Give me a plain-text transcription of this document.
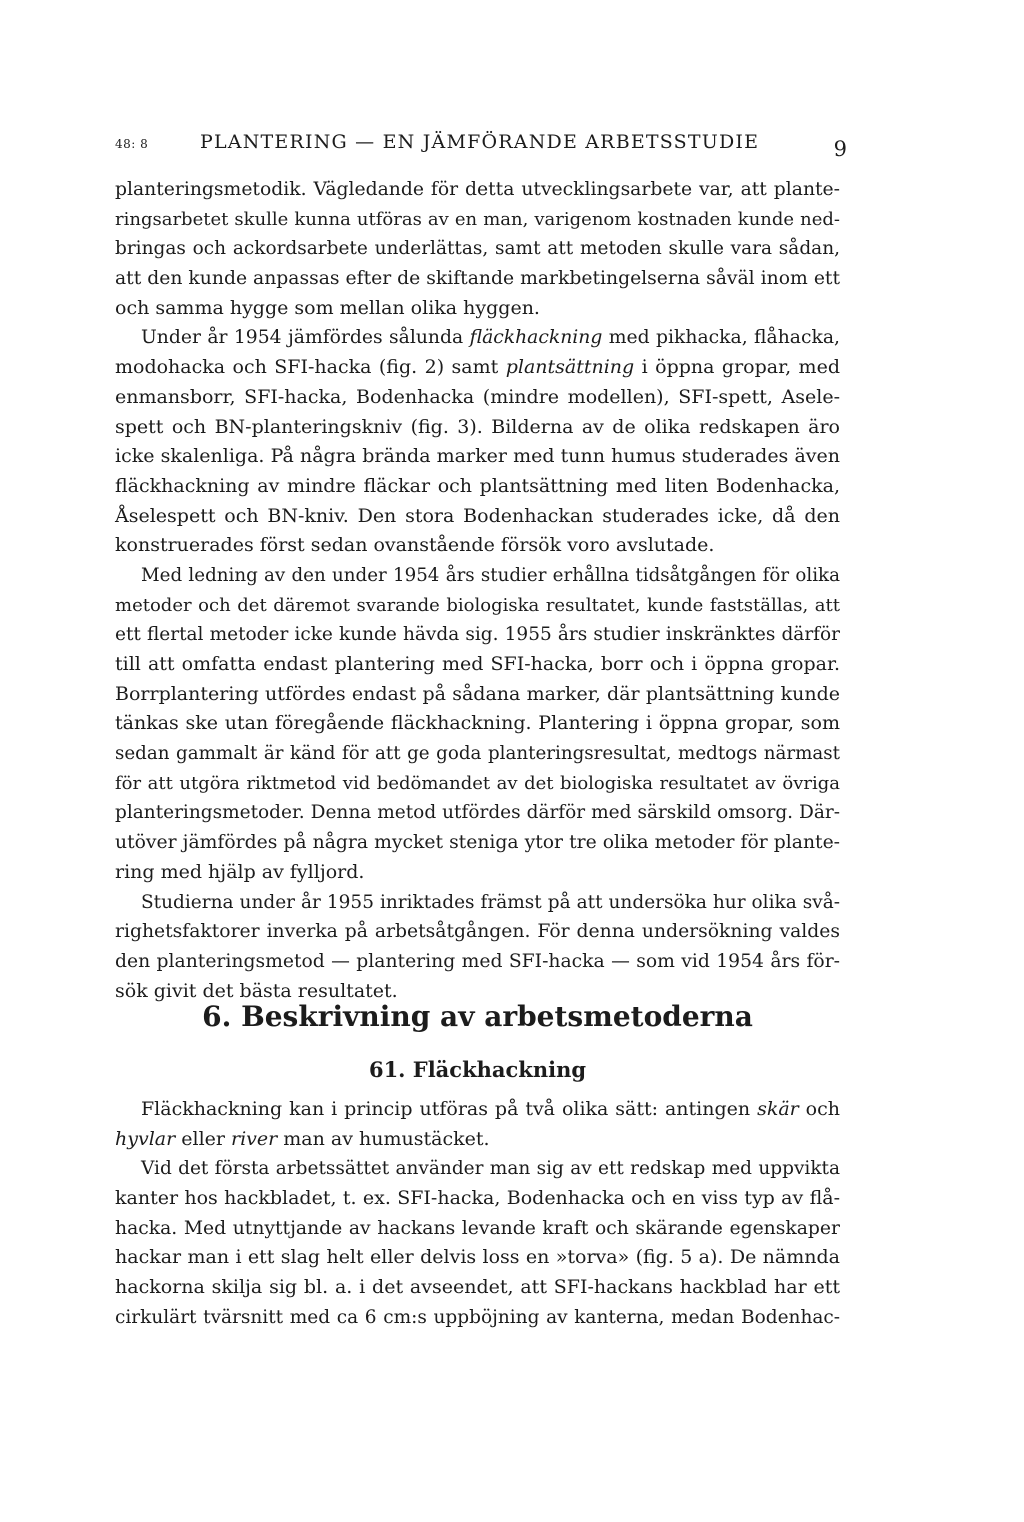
48: 8	PLANTERING — EN JÄMFÖRANDE ARBETSSTUDIE	9
planteringsmetodik. Vägledande för detta utvecklingsarbete var, att plante-
ringsarbetet skulle kunna utföras av en man, varigenom kostnaden kunde ned-
bringas och ackordsarbete underlättas, samt att metoden skulle vara sådan,
att den kunde anpassas efter de skiftande markbetingelserna såväl inom ett
och samma hygge som mellan olika hyggen.
Under år 1954 jämfördes sålunda fläckhackning med pikhacka, flåhacka,
modohacka och SFI-hacka (fig. 2) samt plantsättning i öppna gropar, med
enmansborr, SFI-hacka, Bodenhacka (mindre modellen), SFI-spett, Asele-
spett och BN-planteringskniv (fig. 3). Bilderna av de olika redskapen äro
icke skalenliga. På några brända marker med tunn humus studerades även
fläckhackning av mindre fläckar och plantsättning med liten Bodenhacka,
Åselespett och BN-kniv. Den stora Bodenhackan studerades icke, då den
konstruerades först sedan ovanstående försök voro avslutade.
Med ledning av den under 1954 års studier erhållna tidsåtgången för olika
metoder och det däremot svarande biologiska resultatet, kunde fastställas, att
ett flertal metoder icke kunde hävda sig. 1955 års studier inskränktes därför
till att omfatta endast plantering med SFI-hacka, borr och i öppna gropar.
Borrplantering utfördes endast på sådana marker, där plantsättning kunde
tänkas ske utan föregående fläckhackning. Plantering i öppna gropar, som
sedan gammalt är känd för att ge goda planteringsresultat, medtogs närmast
för att utgöra riktmetod vid bedömandet av det biologiska resultatet av övriga
planteringsmetoder. Denna metod utfördes därför med särskild omsorg. Där-
utöver jämfördes på några mycket steniga ytor tre olika metoder för plante-
ring med hjälp av fylljord.
Studierna under år 1955 inriktades främst på att undersöka hur olika svå-
righetsfaktorer inverka på arbetsåtgången. För denna undersökning valdes
den planteringsmetod — plantering med SFI-hacka — som vid 1954 års för-
sök givit det bästa resultatet.
6. Beskrivning av arbetsmetoderna
61. Fläckhackning
Fläckhackning kan i princip utföras på två olika sätt: antingen skär och
hyvlar eller river man av humustäcket.
Vid det första arbetssättet använder man sig av ett redskap med uppvikta
kanter hos hackbladet, t. ex. SFI-hacka, Bodenhacka och en viss typ av flå-
hacka. Med utnyttjande av hackans levande kraft och skärande egenskaper
hackar man i ett slag helt eller delvis loss en »torva» (fig. 5 a). De nämnda
hackorna skilja sig bl. a. i det avseendet, att SFI-hackans hackblad har ett
cirkulärt tvärsnitt med ca 6 cm:s uppböjning av kanterna, medan Bodenhac-
